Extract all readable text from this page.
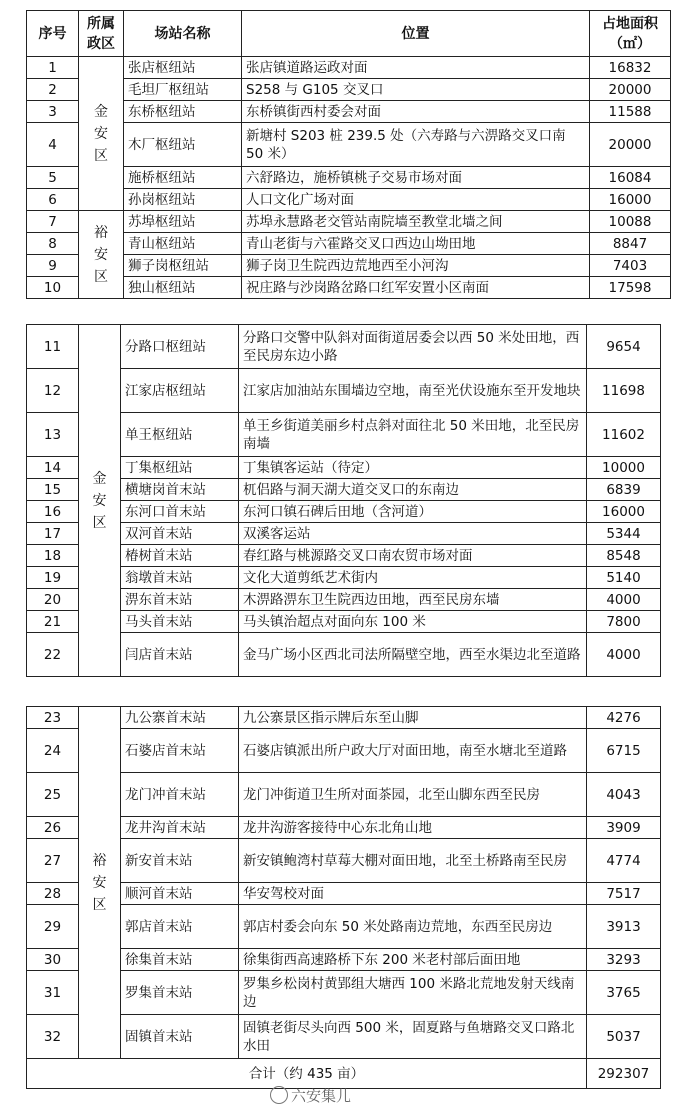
序号	所属政区	场站名称	位置	占地面积（㎡）

1	金安区	张店枢纽站	张店镇道路运政对面	16832
2		毛坦厂枢纽站	S258 与 G105 交叉口	20000
3		东桥枢纽站	东桥镇街西村委会对面	11588
4		木厂枢纽站	新塘村 S203 桩 239.5 处（六寿路与六淠路交叉口南 50 米）	20000
5		施桥枢纽站	六舒路边，施桥镇桃子交易市场对面	16084
6		孙岗枢纽站	人口文化广场对面	16000
7	裕安区	苏埠枢纽站	苏埠永慧路老交管站南院墙至教堂北墙之间	10088
8		青山枢纽站	青山老街与六霍路交叉口西边山坳田地	8847
9		狮子岗枢纽站	狮子岗卫生院西边荒地西至小河沟	7403
10		独山枢纽站	祝庄路与沙岗路岔路口红军安置小区南面	17598
11	金安区	分路口枢纽站	分路口交警中队斜对面街道居委会以西 50 米处田地，西至民房东边小路	9654
12		江家店枢纽站	江家店加油站东围墙边空地，南至光伏设施东至开发地块	11698
13		单王枢纽站	单王乡街道美丽乡村点斜对面往北 50 米田地，北至民房南墙	11602
14		丁集枢纽站	丁集镇客运站（待定）	10000
15		横塘岗首末站	杌侣路与洞天湖大道交叉口的东南边	6839
16		东河口首末站	东河口镇石碑后田地（含河道）	16000
17		双河首末站	双溪客运站	5344
18		椿树首末站	春红路与桃源路交叉口南农贸市场对面	8548
19		翁墩首末站	文化大道剪纸艺术街内	5140
20		淠东首末站	木淠路淠东卫生院西边田地，西至民房东墙	4000
21		马头首末站	马头镇治超点对面向东 100 米	7800
22		闫店首末站	金马广场小区西北司法所隔壁空地，西至水渠边北至道路	4000
23	裕安区	九公寨首末站	九公寨景区指示牌后东至山脚	4276
24		石婆店首末站	石婆店镇派出所户政大厅对面田地，南至水塘北至道路	6715
25		龙门冲首末站	龙门冲街道卫生所对面茶园，北至山脚东西至民房	4043
26		龙井沟首末站	龙井沟游客接待中心东北角山地	3909
27		新安首末站	新安镇鲍湾村草莓大棚对面田地，北至土桥路南至民房	4774
28		顺河首末站	华安驾校对面	7517
29		郭店首末站	郭店村委会向东 50 米处路南边荒地，东西至民房边	3913
30		徐集首末站	徐集街西高速路桥下东 200 米老村部后面田地	3293
31		罗集首末站	罗集乡松岗村黄郢组大塘西 100 米路北荒地发射天线南边	3765
32		固镇首末站	固镇老街尽头向西 500 米，固夏路与鱼塘路交叉口路北水田	5037
合计（约 435 亩）				292307
六安集儿
